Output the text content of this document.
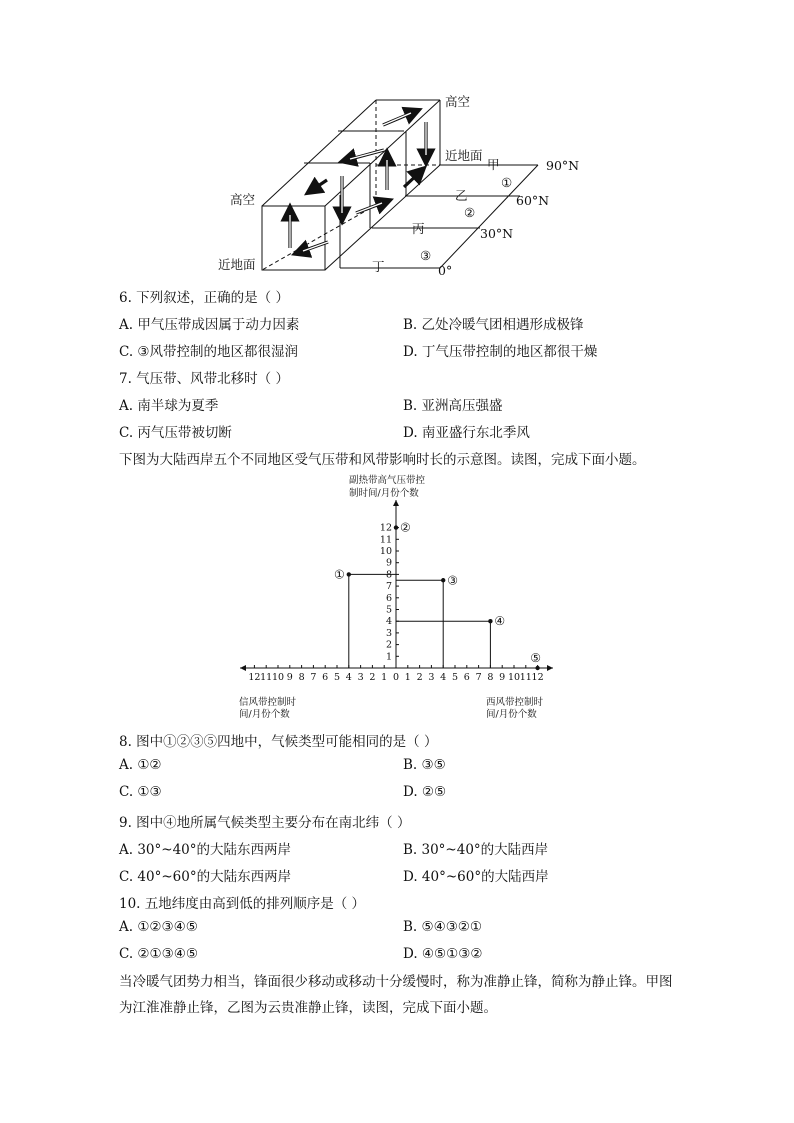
高空
高空
近地面
近地面
甲
乙
丙
丁
①
②
③
90°N
60°N
30°N
0°
6. 下列叙述，正确的是（ ）
A. 甲气压带成因属于动力因素	B. 乙处冷暖气团相遇形成极锋
C. ③风带控制的地区都很湿润	D. 丁气压带控制的地区都很干燥
7. 气压带、风带北移时（ ）
A. 南半球为夏季	B. 亚洲高压强盛
C. 丙气压带被切断	D. 南亚盛行东北季风
下图为大陆西岸五个不同地区受气压带和风带影响时长的示意图。读图，完成下面小题。
副热带高气压带控
制时间/月份个数
信风带控制时
间/月份个数
西风带控制时
间/月份个数
12 11 10 9 8 7 6 5 4 3 2 1 1 2 3 4 5 6 7 8 9 10 11 12
0
1
2
3
4
5
6
7
8
9
10
11
12
①
②
③
④
⑤
8. 图中①②③⑤四地中，气候类型可能相同的是（ ）
A. ①②	B. ③⑤
C. ①③	D. ②⑤
9. 图中④地所属气候类型主要分布在南北纬（ ）
A. 30°~40°的大陆东西两岸	B. 30°~40°的大陆西岸
C. 40°~60°的大陆东西两岸	D. 40°~60°的大陆西岸
10. 五地纬度由高到低的排列顺序是（ ）
A. ①②③④⑤	B. ⑤④③②①
C. ②①③④⑤	D. ④⑤①③②
当冷暖气团势力相当，锋面很少移动或移动十分缓慢时，称为准静止锋，简称为静止锋。甲图为江淮准静止锋，乙图为云贵准静止锋，读图，完成下面小题。
